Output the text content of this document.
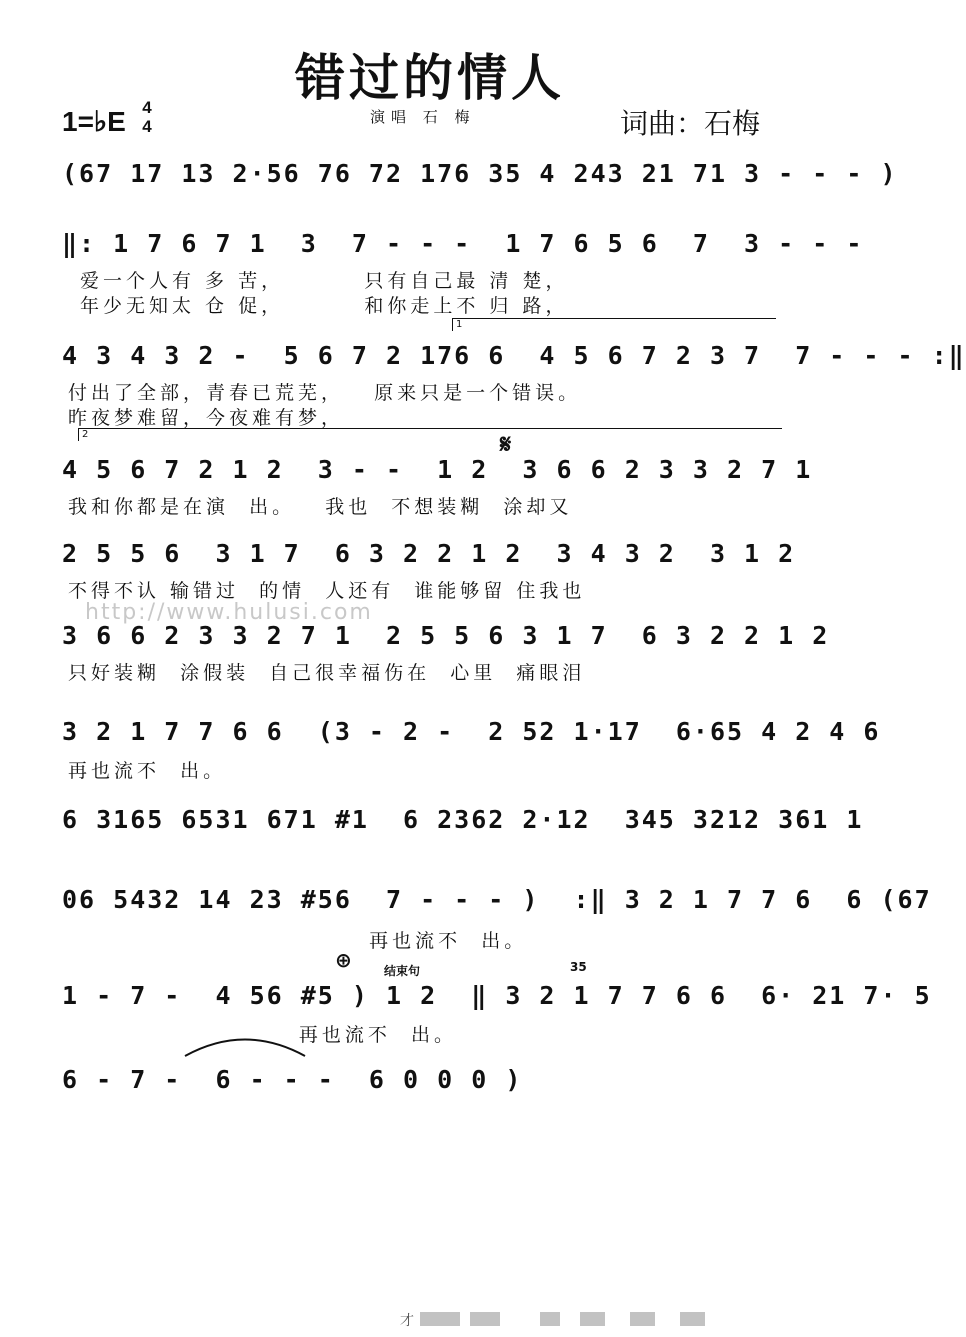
错过的情人
1=♭E 4
4	演唱 石 梅	词曲：石梅

(67 17 13 2·56 76 72 176 35 4 243 21 71 3 - - - )

‖: 1 7 6 7 1  3  7 - - -  1 7 6 5 6  7  3 - - -

爱一个人有 多 苦，        只有自己最 清 楚，
年少无知太 仓 促，        和你走上不 归 路，
1

4 3 4 3 2 -  5 6 7 2 176 6  4 5 6 7 2 3 7  7 - - - :‖

付出了全部，青春已荒芜，   原来只是一个错误。
昨夜梦难留，今夜难有梦，
2	𝄋

4 5 6 7 2 1 2  3 - -  1 2  3 6 6 2 3 3 2 7 1

我和你都是在演  出。   我也  不想装糊  涂却又

2 5 5 6  3 1 7  6 3 2 2 1 2  3 4 3 2  3 1 2

不得不认 输错过  的情  人还有  谁能够留 住我也
http://www.hulusi.com

3 6 6 2 3 3 2 7 1  2 5 5 6 3 1 7  6 3 2 2 1 2

只好装糊  涂假装  自己很幸福伤在  心里  痛眼泪

3 2 1 7 7 6 6  (3 - 2 -  2 52 1·17  6·65 4 2 4 6

再也流不  出。

6 3165 6531 671 #1  6 2362 2·12  345 3212 361 1

06 5432 14 23 #56  7 - - - )  :‖ 3 2 1 7 7 6  6 (67

再也流不  出。
⊕	结束句	35

1 - 7 -  4 56 #5 ) 1 2  ‖ 3 2 1 7 7 6 6  6· 21 7· 5

再也流不  出。

6 - 7 -  6 - - -  6 0 0 0 )

才
